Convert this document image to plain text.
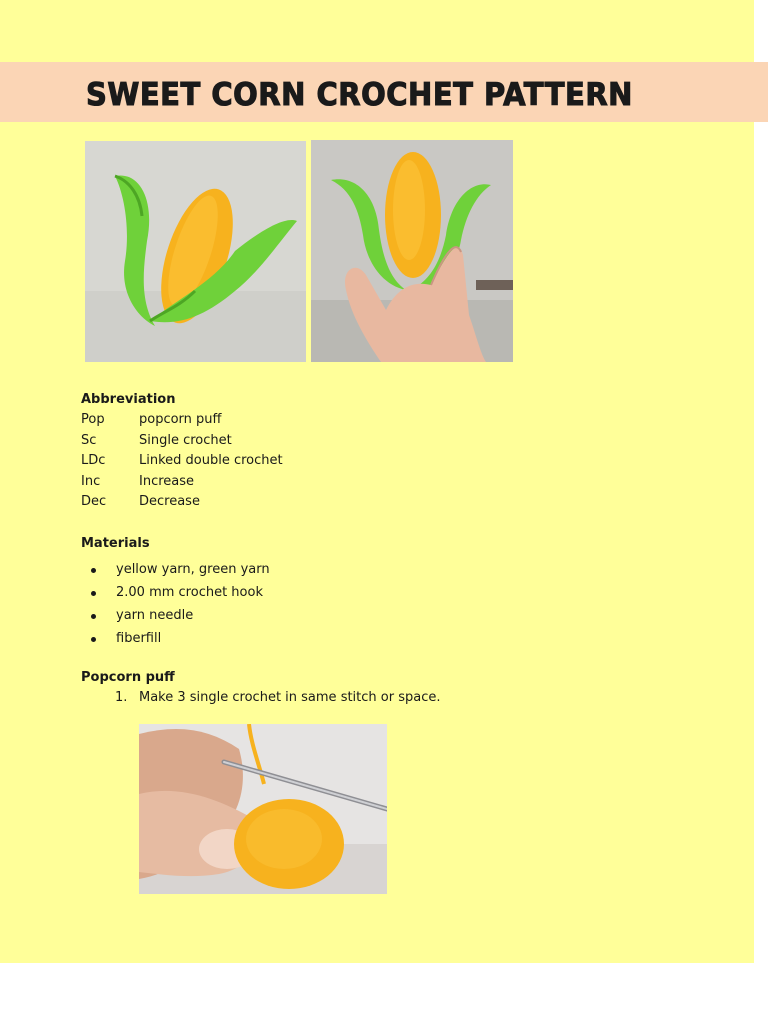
SWEET CORN CROCHET PATTERN
Abbreviation
Pop	popcorn puff
Sc	Single crochet
LDc	Linked double crochet
Inc	Increase
Dec	Decrease
Materials
yellow yarn, green yarn
2.00 mm crochet hook
yarn needle
fiberfill
Popcorn puff
1. Make 3 single crochet in same stitch or space.
